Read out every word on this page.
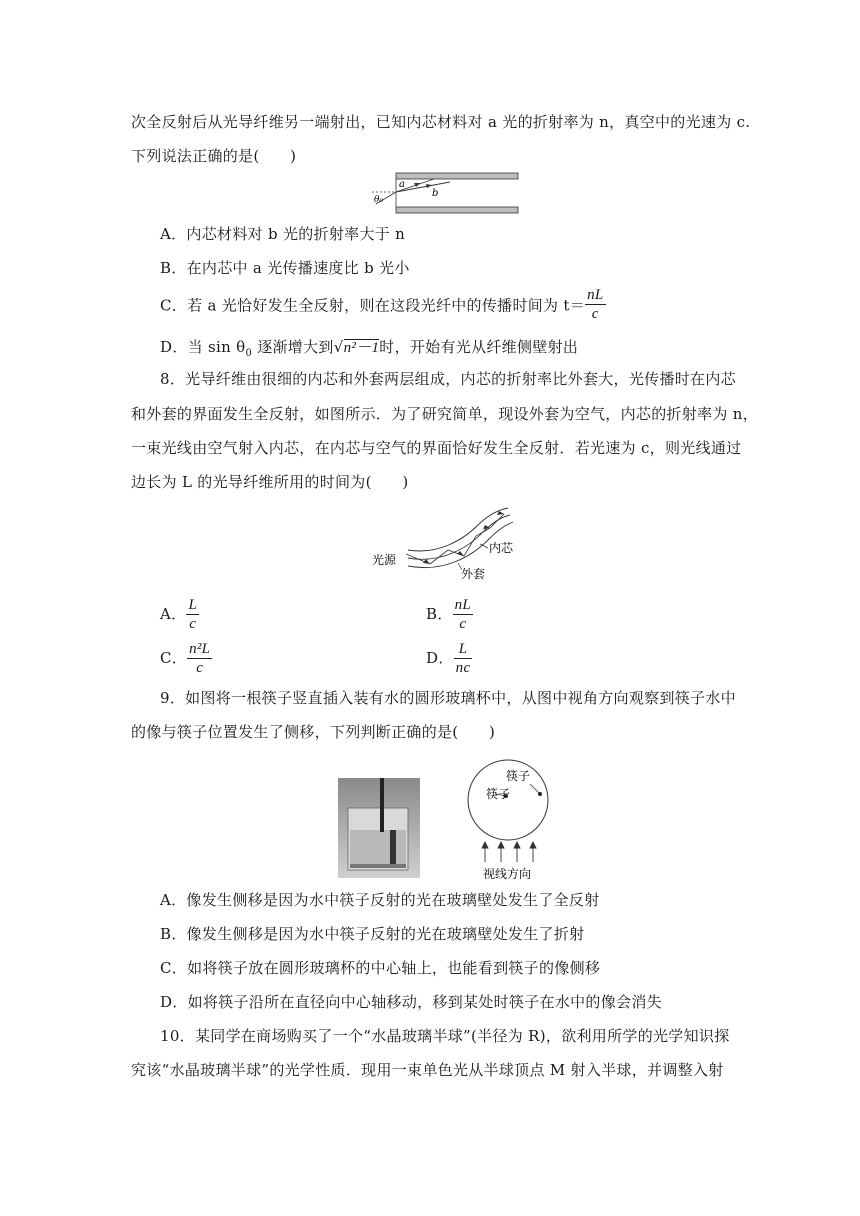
次全反射后从光导纤维另一端射出，已知内芯材料对 a 光的折射率为 n，真空中的光速为 c.
下列说法正确的是(　　)
a
b
θ₀
A．内芯材料对 b 光的折射率大于 n
B．在内芯中 a 光传播速度比 b 光小
C．若 a 光恰好发生全反射，则在这段光纤中的传播时间为 $t= \frac{nL}{c}$
D．当 $\sin \theta_0$ 逐渐增大到√n²－1时，开始有光从纤维侧壁射出
8．光导纤维由很细的内芯和外套两层组成，内芯的折射率比外套大，光传播时在内芯
和外套的界面发生全反射，如图所示．为了研究简单，现设外套为空气，内芯的折射率为 n，
一束光线由空气射入内芯，在内芯与空气的界面恰好发生全反射．若光速为 c，则光线通过
边长为 L 的光导纤维所用的时间为(　　)
光源
内芯
外套
A． $\frac{L}{c}$	B． $\frac{nL}{c}$
C． $\frac{\text{n²L}}{c}$	D． $\frac{L}{nc}$
9．如图将一根筷子竖直插入装有水的圆形玻璃杯中，从图中视角方向观察到筷子水中
的像与筷子位置发生了侧移，下列判断正确的是(　　)
筷子
筷子
视线方向
A．像发生侧移是因为水中筷子反射的光在玻璃壁处发生了全反射
B．像发生侧移是因为水中筷子反射的光在玻璃壁处发生了折射
C．如将筷子放在圆形玻璃杯的中心轴上，也能看到筷子的像侧移
D．如将筷子沿所在直径向中心轴移动，移到某处时筷子在水中的像会消失
10．某同学在商场购买了一个“水晶玻璃半球”(半径为 R)，欲利用所学的光学知识探
究该“水晶玻璃半球”的光学性质．现用一束单色光从半球顶点 M 射入半球，并调整入射
